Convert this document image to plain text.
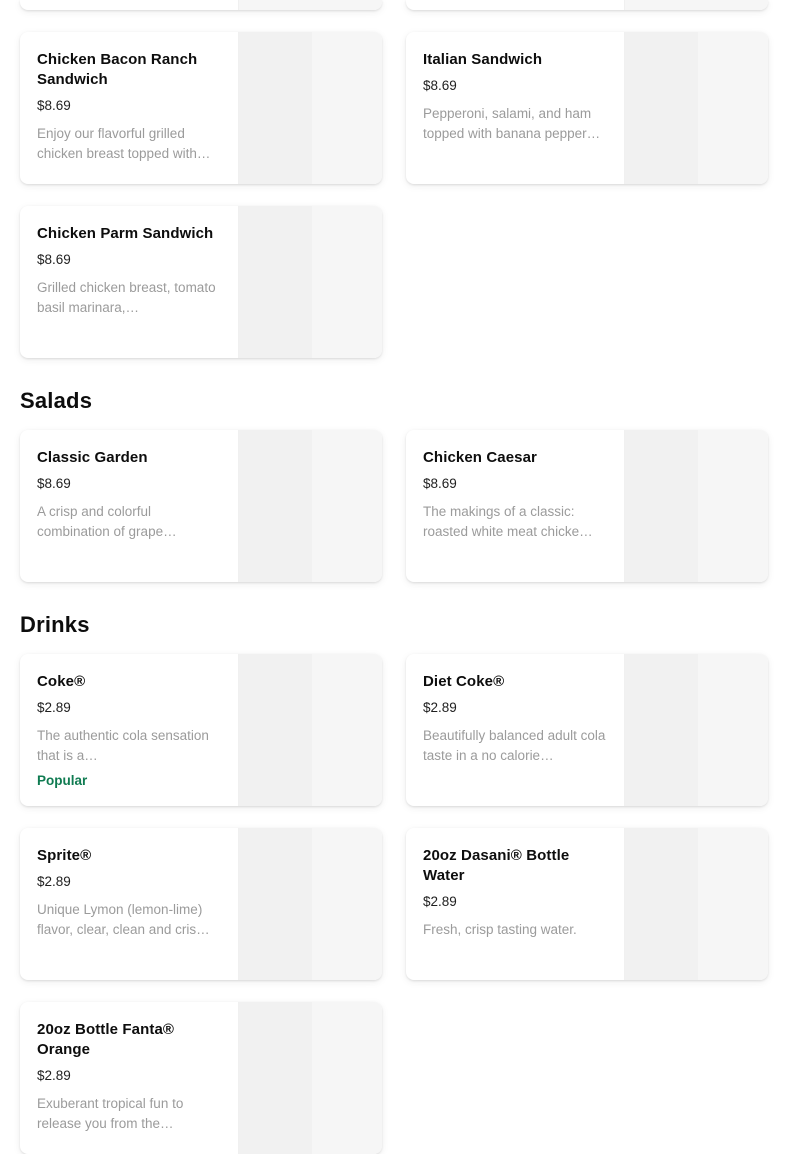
Chicken Bacon Ranch Sandwich
$8.69
Enjoy our flavorful grilled chicken breast topped with…
Italian Sandwich
$8.69
Pepperoni, salami, and ham topped with banana pepper…
Chicken Parm Sandwich
$8.69
Grilled chicken breast, tomato basil marinara,…
Salads
Classic Garden
$8.69
A crisp and colorful combination of grape…
Chicken Caesar
$8.69
The makings of a classic: roasted white meat chicke…
Drinks
Coke®
$2.89
The authentic cola sensation that is a…
Popular
Diet Coke®
$2.89
Beautifully balanced adult cola taste in a no calorie…
Sprite®
$2.89
Unique Lymon (lemon-lime) flavor, clear, clean and cris…
20oz Dasani® Bottle Water
$2.89
Fresh, crisp tasting water.
20oz Bottle Fanta® Orange
$2.89
Exuberant tropical fun to release you from the…
